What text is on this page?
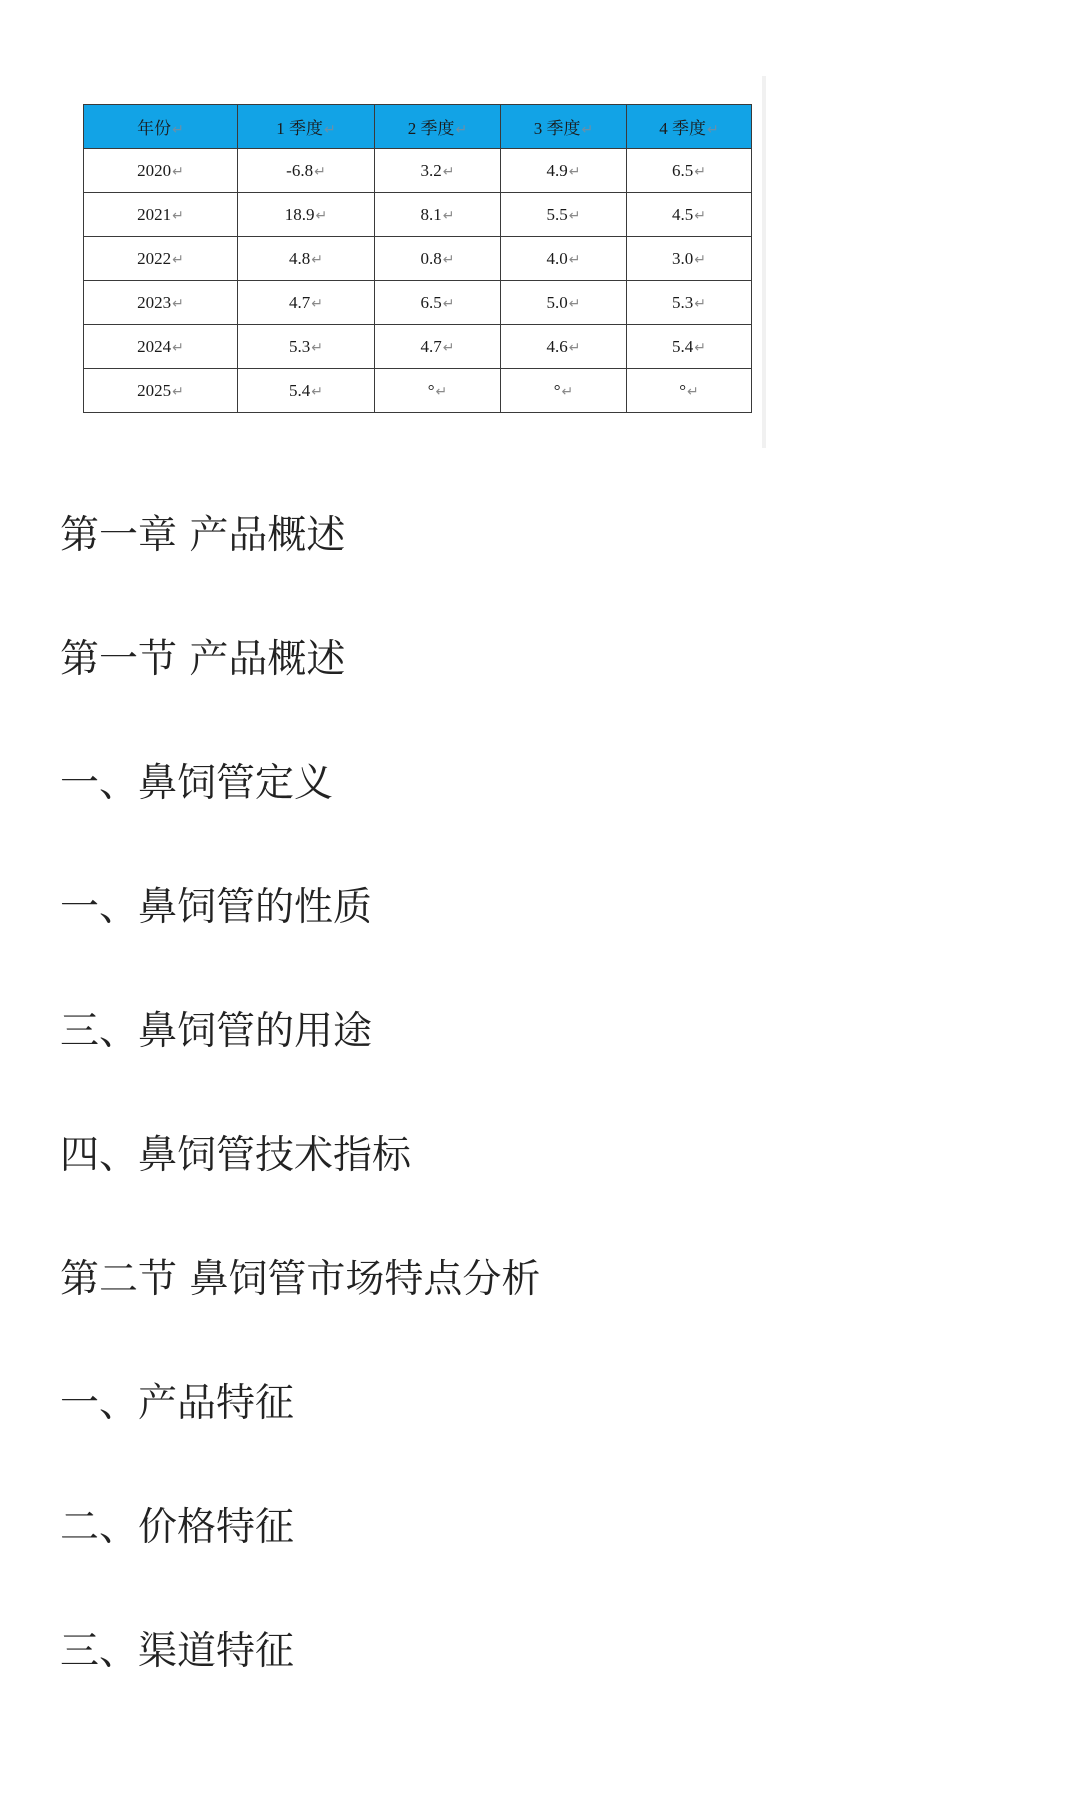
年份↵	1 季度↵	2 季度↵	3 季度↵	4 季度↵
2020↵	-6.8↵	3.2↵	4.9↵	6.5↵
2021↵	18.9↵	8.1↵	5.5↵	4.5↵
2022↵	4.8↵	0.8↵	4.0↵	3.0↵
2023↵	4.7↵	6.5↵	5.0↵	5.3↵
2024↵	5.3↵	4.7↵	4.6↵	5.4↵
2025↵	5.4↵	°↵	°↵	°↵
第一章 产品概述
第一节 产品概述
一、鼻饲管定义
一、鼻饲管的性质
三、鼻饲管的用途
四、鼻饲管技术指标
第二节 鼻饲管市场特点分析
一、产品特征
二、价格特征
三、渠道特征
